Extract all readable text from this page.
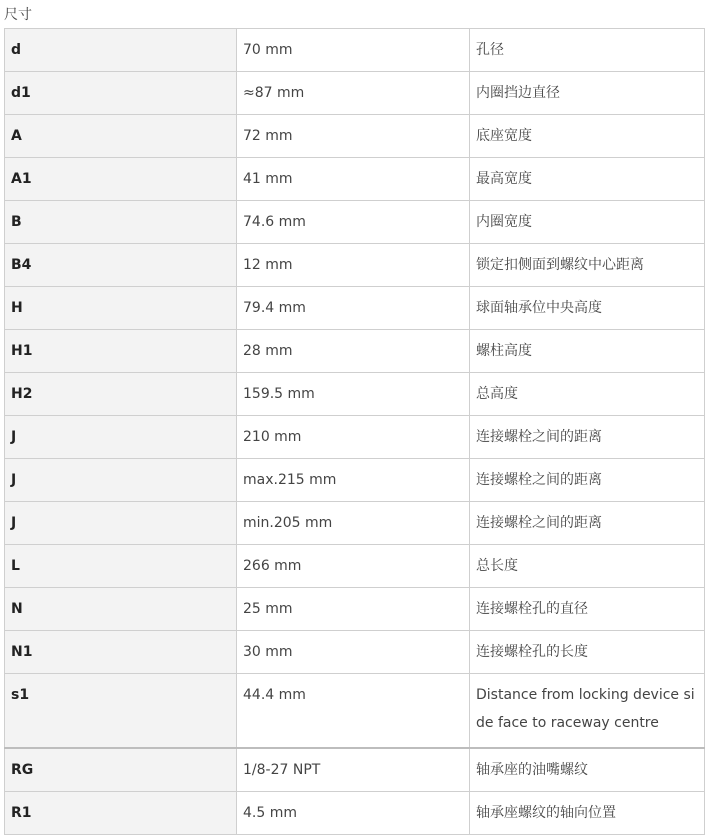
尺寸
d	70 mm	孔径
d1	≈87 mm	内圈挡边直径
A	72 mm	底座宽度
A1	41 mm	最高宽度
B	74.6 mm	内圈宽度
B4	12 mm	锁定扣侧面到螺纹中心距离
H	79.4 mm	球面轴承位中央高度
H1	28 mm	螺柱高度
H2	159.5 mm	总高度
J	210 mm	连接螺栓之间的距离
J	max.215 mm	连接螺栓之间的距离
J	min.205 mm	连接螺栓之间的距离
L	266 mm	总长度
N	25 mm	连接螺栓孔的直径
N1	30 mm	连接螺栓孔的长度
s1	44.4 mm	Distance from locking device side face to raceway centre
RG	1/8-27 NPT	轴承座的油嘴螺纹
R1	4.5 mm	轴承座螺纹的轴向位置
